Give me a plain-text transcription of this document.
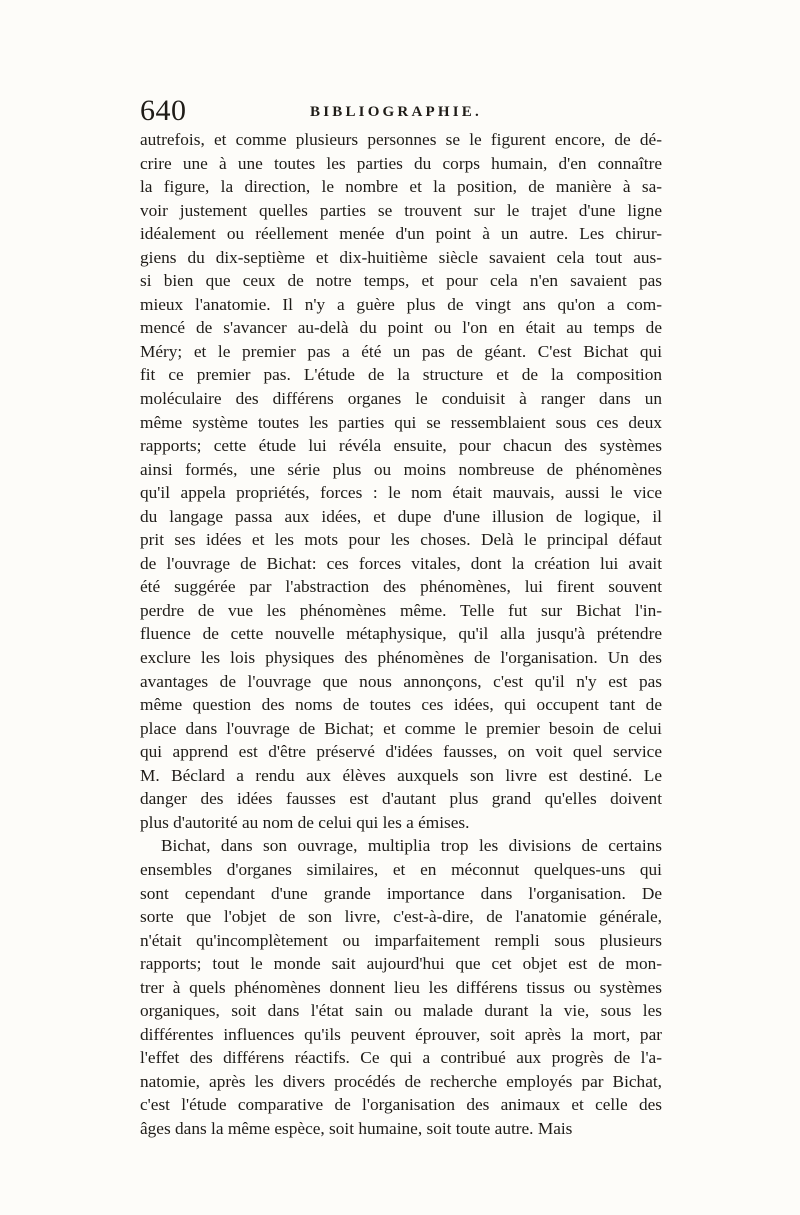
640	BIBLIOGRAPHIE.
autrefois, et comme plusieurs personnes se le figurent encore, de dé-
crire une à une toutes les parties du corps humain, d'en connaître
la figure, la direction, le nombre et la position, de manière à sa-
voir justement quelles parties se trouvent sur le trajet d'une ligne
idéalement ou réellement menée d'un point à un autre. Les chirur-
giens du dix-septième et dix-huitième siècle savaient cela tout aus-
si bien que ceux de notre temps, et pour cela n'en savaient pas
mieux l'anatomie. Il n'y a guère plus de vingt ans qu'on a com-
mencé de s'avancer au-delà du point ou l'on en était au temps de
Méry; et le premier pas a été un pas de géant. C'est Bichat qui
fit ce premier pas. L'étude de la structure et de la composition
moléculaire des différens organes le conduisit à ranger dans un
même système toutes les parties qui se ressemblaient sous ces deux
rapports; cette étude lui révéla ensuite, pour chacun des systèmes
ainsi formés, une série plus ou moins nombreuse de phénomènes
qu'il appela propriétés, forces : le nom était mauvais, aussi le vice
du langage passa aux idées, et dupe d'une illusion de logique, il
prit ses idées et les mots pour les choses. Delà le principal défaut
de l'ouvrage de Bichat: ces forces vitales, dont la création lui avait
été suggérée par l'abstraction des phénomènes, lui firent souvent
perdre de vue les phénomènes même. Telle fut sur Bichat l'in-
fluence de cette nouvelle métaphysique, qu'il alla jusqu'à prétendre
exclure les lois physiques des phénomènes de l'organisation. Un des
avantages de l'ouvrage que nous annonçons, c'est qu'il n'y est pas
même question des noms de toutes ces idées, qui occupent tant de
place dans l'ouvrage de Bichat; et comme le premier besoin de celui
qui apprend est d'être préservé d'idées fausses, on voit quel service
M. Béclard a rendu aux élèves auxquels son livre est destiné. Le
danger des idées fausses est d'autant plus grand qu'elles doivent
plus d'autorité au nom de celui qui les a émises.
Bichat, dans son ouvrage, multiplia trop les divisions de certains
ensembles d'organes similaires, et en méconnut quelques-uns qui
sont cependant d'une grande importance dans l'organisation. De
sorte que l'objet de son livre, c'est-à-dire, de l'anatomie générale,
n'était qu'incomplètement ou imparfaitement rempli sous plusieurs
rapports; tout le monde sait aujourd'hui que cet objet est de mon-
trer à quels phénomènes donnent lieu les différens tissus ou systèmes
organiques, soit dans l'état sain ou malade durant la vie, sous les
différentes influences qu'ils peuvent éprouver, soit après la mort, par
l'effet des différens réactifs. Ce qui a contribué aux progrès de l'a-
natomie, après les divers procédés de recherche employés par Bichat,
c'est l'étude comparative de l'organisation des animaux et celle des
âges dans la même espèce, soit humaine, soit toute autre. Mais
